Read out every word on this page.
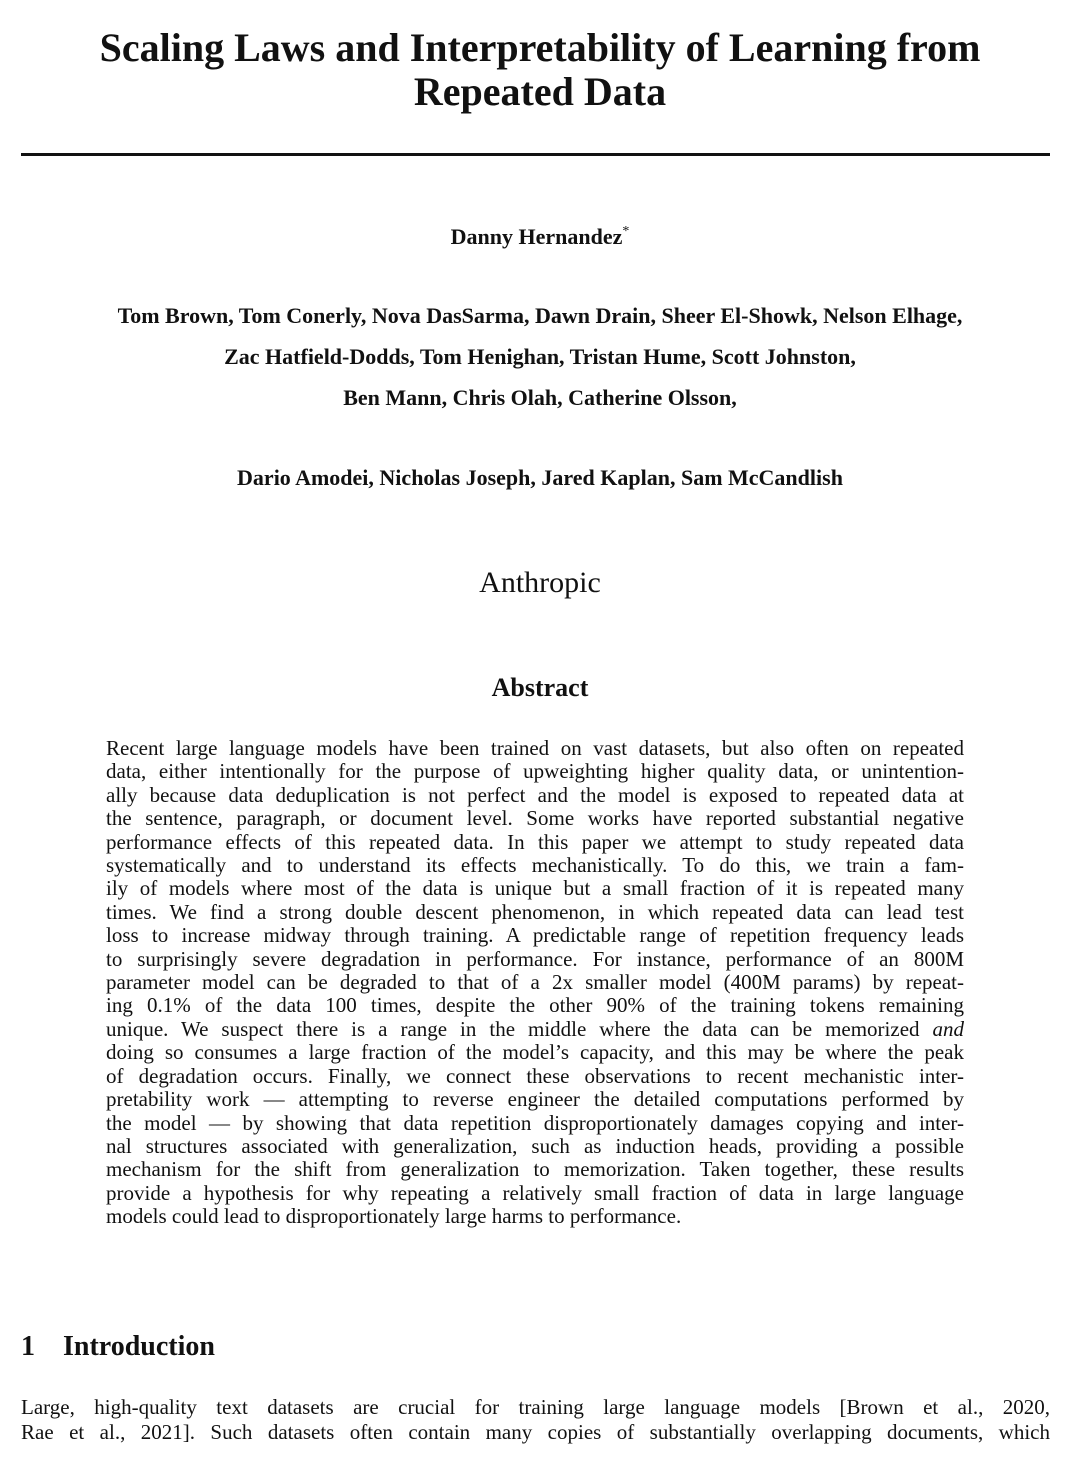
Scaling Laws and Interpretability of Learning from
Repeated Data
Danny Hernandez*
Tom Brown, Tom Conerly, Nova DasSarma, Dawn Drain, Sheer El-Showk, Nelson Elhage,
Zac Hatfield-Dodds, Tom Henighan, Tristan Hume, Scott Johnston,
Ben Mann, Chris Olah, Catherine Olsson,
Dario Amodei, Nicholas Joseph, Jared Kaplan, Sam McCandlish
Anthropic
Abstract
Recent large language models have been trained on vast datasets, but also often on repeated
data, either intentionally for the purpose of upweighting higher quality data, or unintention-
ally because data deduplication is not perfect and the model is exposed to repeated data at
the sentence, paragraph, or document level. Some works have reported substantial negative
performance effects of this repeated data. In this paper we attempt to study repeated data
systematically and to understand its effects mechanistically. To do this, we train a fam-
ily of models where most of the data is unique but a small fraction of it is repeated many
times. We find a strong double descent phenomenon, in which repeated data can lead test
loss to increase midway through training. A predictable range of repetition frequency leads
to surprisingly severe degradation in performance. For instance, performance of an 800M
parameter model can be degraded to that of a 2x smaller model (400M params) by repeat-
ing 0.1% of the data 100 times, despite the other 90% of the training tokens remaining
unique. We suspect there is a range in the middle where the data can be memorized and
doing so consumes a large fraction of the model’s capacity, and this may be where the peak
of degradation occurs. Finally, we connect these observations to recent mechanistic inter-
pretability work — attempting to reverse engineer the detailed computations performed by
the model — by showing that data repetition disproportionately damages copying and inter-
nal structures associated with generalization, such as induction heads, providing a possible
mechanism for the shift from generalization to memorization. Taken together, these results
provide a hypothesis for why repeating a relatively small fraction of data in large language
models could lead to disproportionately large harms to performance.
1 Introduction
Large, high-quality text datasets are crucial for training large language models [Brown et al., 2020,
Rae et al., 2021]. Such datasets often contain many copies of substantially overlapping documents, which
